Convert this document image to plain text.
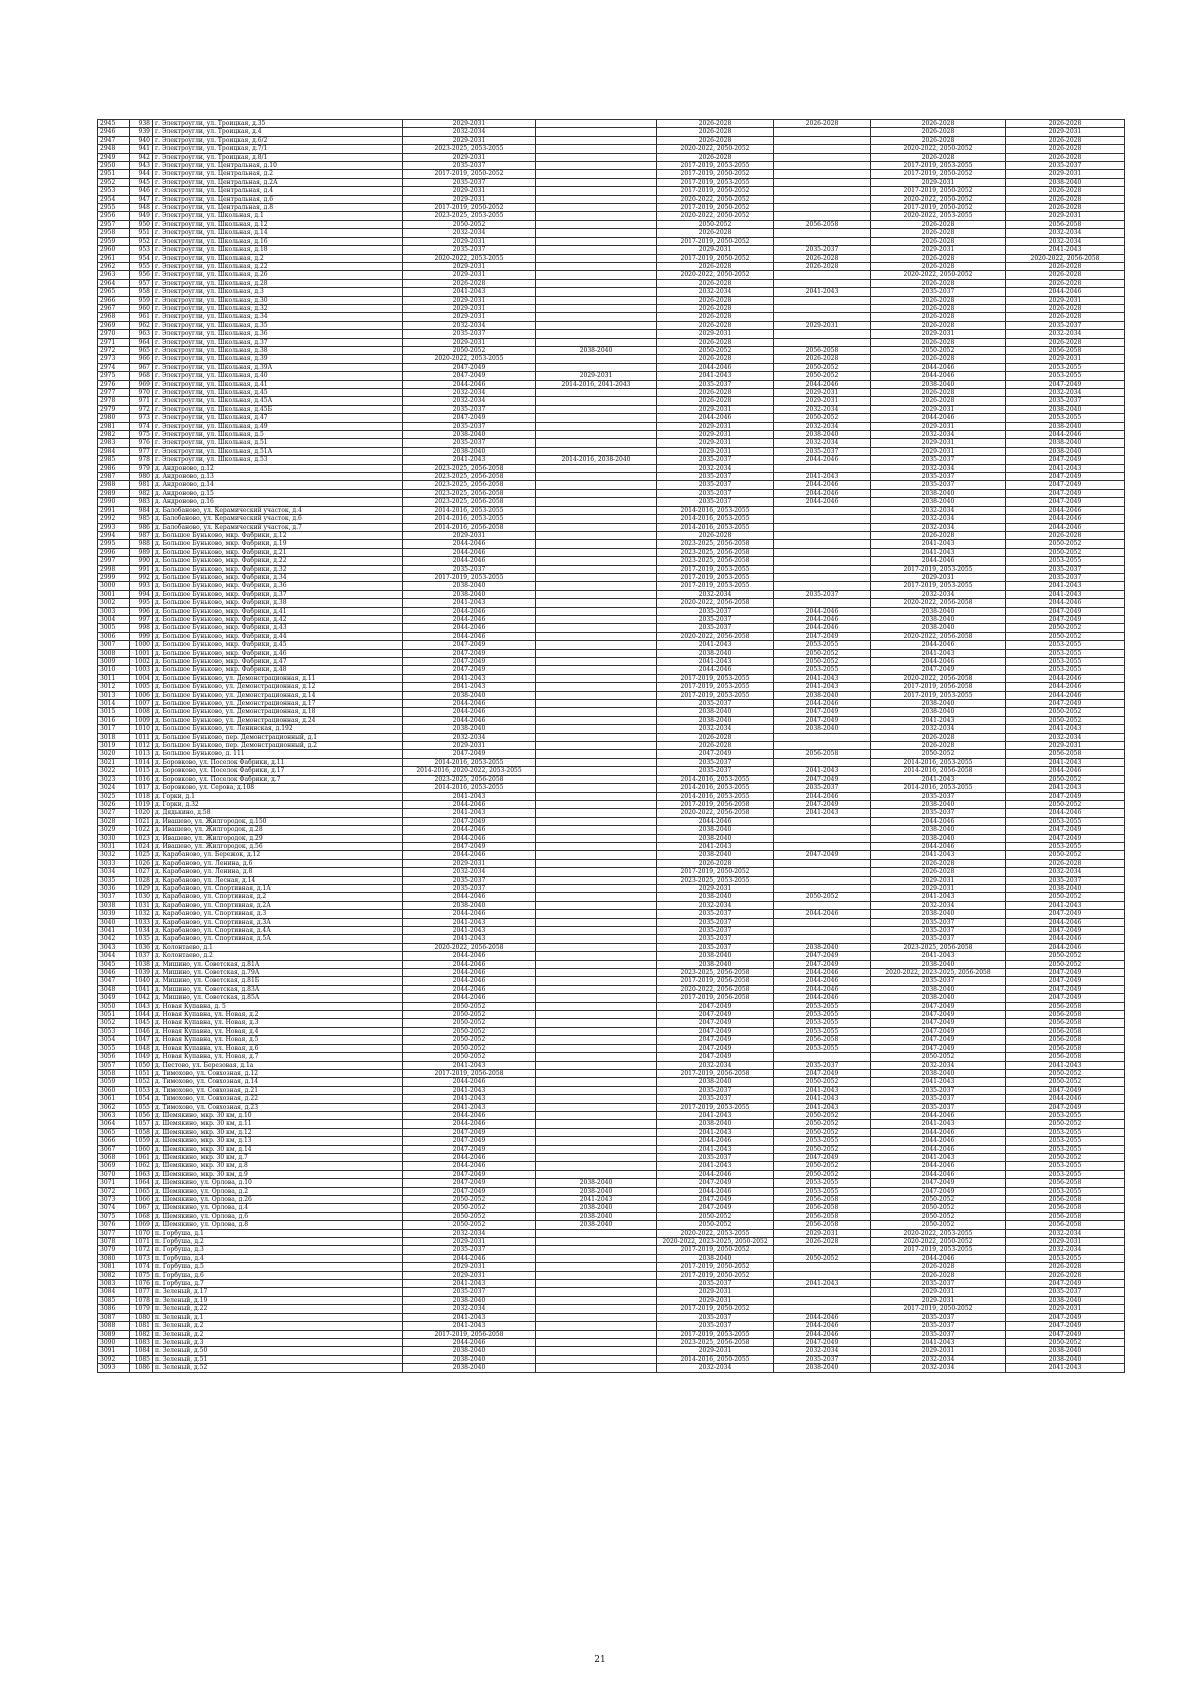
2945	938	г. Электроугли, ул. Троицкая, д.35	2029-2031		2026-2028	2026-2028	2026-2028	2026-2028
2946	939	г. Электроугли, ул. Троицкая, д.4	2032-2034		2026-2028		2026-2028	2029-2031
2947	940	г. Электроугли, ул. Троицкая, д.6/2	2029-2031		2026-2028		2026-2028	2026-2028
2948	941	г. Электроугли, ул. Троицкая, д.7/1	2023-2025, 2053-2055		2020-2022, 2050-2052		2020-2022, 2050-2052	2026-2028
2949	942	г. Электроугли, ул. Троицкая, д.8/1	2029-2031		2026-2028		2026-2028	2026-2028
2950	943	г. Электроугли, ул. Центральная, д.10	2035-2037		2017-2019, 2053-2055		2017-2019, 2053-2055	2035-2037
2951	944	г. Электроугли, ул. Центральная, д.2	2017-2019, 2050-2052		2017-2019, 2050-2052		2017-2019, 2050-2052	2029-2031
2952	945	г. Электроугли, ул. Центральная, д.2А	2035-2037		2017-2019, 2053-2055		2029-2031	2038-2040
2953	946	г. Электроугли, ул. Центральная, д.4	2029-2031		2017-2019, 2050-2052		2017-2019, 2050-2052	2026-2028
2954	947	г. Электроугли, ул. Центральная, д.6	2029-2031		2020-2022, 2050-2052		2020-2022, 2050-2052	2026-2028
2955	948	г. Электроугли, ул. Центральная, д.8	2017-2019, 2050-2052		2017-2019, 2050-2052		2017-2019, 2050-2052	2026-2028
2956	949	г. Электроугли, ул. Школьная, д.1	2023-2025, 2053-2055		2020-2022, 2050-2052		2020-2022, 2053-2055	2029-2031
2957	950	г. Электроугли, ул. Школьная, д.12	2050-2052		2050-2052	2056-2058	2026-2028	2056-2058
2958	951	г. Электроугли, ул. Школьная, д.14	2032-2034		2026-2028		2026-2028	2032-2034
2959	952	г. Электроугли, ул. Школьная, д.16	2029-2031		2017-2019, 2050-2052		2026-2028	2032-2034
2960	953	г. Электроугли, ул. Школьная, д.18	2035-2037		2029-2031	2035-2037	2029-2031	2041-2043
2961	954	г. Электроугли, ул. Школьная, д.2	2020-2022, 2053-2055		2017-2019, 2050-2052	2026-2028	2026-2028	2020-2022, 2056-2058
2962	955	г. Электроугли, ул. Школьная, д.22	2029-2031		2026-2028	2026-2028	2026-2028	2026-2028
2963	956	г. Электроугли, ул. Школьная, д.26	2029-2031		2020-2022, 2050-2052		2020-2022, 2050-2052	2026-2028
2964	957	г. Электроугли, ул. Школьная, д.28	2026-2028		2026-2028		2026-2028	2026-2028
2965	958	г. Электроугли, ул. Школьная, д.3	2041-2043		2032-2034	2041-2043	2035-2037	2044-2046
2966	959	г. Электроугли, ул. Школьная, д.30	2029-2031		2026-2028		2026-2028	2029-2031
2967	960	г. Электроугли, ул. Школьная, д.32	2029-2031		2026-2028		2026-2028	2026-2028
2968	961	г. Электроугли, ул. Школьная, д.34	2029-2031		2026-2028		2026-2028	2026-2028
2969	962	г. Электроугли, ул. Школьная, д.35	2032-2034		2026-2028	2029-2031	2026-2028	2035-2037
2970	963	г. Электроугли, ул. Школьная, д.36	2035-2037		2029-2031		2029-2031	2032-2034
2971	964	г. Электроугли, ул. Школьная, д.37	2029-2031		2026-2028		2026-2028	2026-2028
2972	965	г. Электроугли, ул. Школьная, д.38	2050-2052	2038-2040	2050-2052	2056-2058	2050-2052	2056-2058
2973	966	г. Электроугли, ул. Школьная, д.39	2020-2022, 2053-2055		2026-2028	2026-2028	2026-2028	2029-2031
2974	967	г. Электроугли, ул. Школьная, д.39А	2047-2049		2044-2046	2050-2052	2044-2046	2053-2055
2975	968	г. Электроугли, ул. Школьная, д.40	2047-2049	2029-2031	2041-2043	2050-2052	2044-2046	2053-2055
2976	969	г. Электроугли, ул. Школьная, д.41	2044-2046	2014-2016, 2041-2043	2035-2037	2044-2046	2038-2040	2047-2049
2977	970	г. Электроугли, ул. Школьная, д.45	2032-2034		2026-2028	2029-2031	2026-2028	2032-2034
2978	971	г. Электроугли, ул. Школьная, д.45А	2032-2034		2026-2028	2029-2031	2026-2028	2035-2037
2979	972	г. Электроугли, ул. Школьная, д.45Б	2035-2037		2029-2031	2032-2034	2029-2031	2038-2040
2980	973	г. Электроугли, ул. Школьная, д.47	2047-2049		2044-2046	2050-2052	2044-2046	2053-2055
2981	974	г. Электроугли, ул. Школьная, д.49	2035-2037		2029-2031	2032-2034	2029-2031	2038-2040
2982	975	г. Электроугли, ул. Школьная, д.5	2038-2040		2029-2031	2038-2040	2032-2034	2044-2046
2983	976	г. Электроугли, ул. Школьная, д.51	2035-2037		2029-2031	2032-2034	2029-2031	2038-2040
2984	977	г. Электроугли, ул. Школьная, д.51А	2038-2040		2029-2031	2035-2037	2029-2031	2038-2040
2985	978	г. Электроугли, ул. Школьная, д.53	2041-2043	2014-2016, 2038-2040	2035-2037	2044-2046	2035-2037	2047-2049
2986	979	д. Андроново, д.12	2023-2025, 2056-2058		2032-2034		2032-2034	2041-2043
2987	980	д. Андроново, д.13	2023-2025, 2056-2058		2035-2037	2041-2043	2035-2037	2047-2049
2988	981	д. Андроново, д.14	2023-2025, 2056-2058		2035-2037	2044-2046	2035-2037	2047-2049
2989	982	д. Андроново, д.15	2023-2025, 2056-2058		2035-2037	2044-2046	2038-2040	2047-2049
2990	983	д. Андроново, д.16	2023-2025, 2056-2058		2035-2037	2044-2046	2038-2040	2047-2049
2991	984	д. Балобаново, ул. Керамический участок, д.4	2014-2016, 2053-2055		2014-2016, 2053-2055		2032-2034	2044-2046
2992	985	д. Балобаново, ул. Керамический участок, д.6	2014-2016, 2053-2055		2014-2016, 2053-2055		2032-2034	2044-2046
2993	986	д. Балобаново, ул. Керамический участок, д.7	2014-2016, 2056-2058		2014-2016, 2053-2055		2032-2034	2044-2046
2994	987	д. Большое Буньково, мкр. Фабрики, д.12	2029-2031		2026-2028		2026-2028	2026-2028
2995	988	д. Большое Буньково, мкр. Фабрики, д.19	2044-2046		2023-2025, 2056-2058		2041-2043	2050-2052
2996	989	д. Большое Буньково, мкр. Фабрики, д.21	2044-2046		2023-2025, 2056-2058		2041-2043	2050-2052
2997	990	д. Большое Буньково, мкр. Фабрики, д.22	2044-2046		2023-2025, 2056-2058		2044-2046	2053-2055
2998	991	д. Большое Буньково, мкр. Фабрики, д.32	2035-2037		2017-2019, 2053-2055		2017-2019, 2053-2055	2035-2037
2999	992	д. Большое Буньково, мкр. Фабрики, д.34	2017-2019, 2053-2055		2017-2019, 2053-2055		2029-2031	2035-2037
3000	993	д. Большое Буньково, мкр. Фабрики, д.36	2038-2040		2017-2019, 2053-2055		2017-2019, 2053-2055	2041-2043
3001	994	д. Большое Буньково, мкр. Фабрики, д.37	2038-2040		2032-2034	2035-2037	2032-2034	2041-2043
3002	995	д. Большое Буньково, мкр. Фабрики, д.38	2041-2043		2020-2022, 2056-2058		2020-2022, 2056-2058	2044-2046
3003	996	д. Большое Буньково, мкр. Фабрики, д.41	2044-2046		2035-2037	2044-2046	2038-2040	2047-2049
3004	997	д. Большое Буньково, мкр. Фабрики, д.42	2044-2046		2035-2037	2044-2046	2038-2040	2047-2049
3005	998	д. Большое Буньково, мкр. Фабрики, д.43	2044-2046		2035-2037	2044-2046	2038-2040	2050-2052
3006	999	д. Большое Буньково, мкр. Фабрики, д.44	2044-2046		2020-2022, 2056-2058	2047-2049	2020-2022, 2056-2058	2050-2052
3007	1000	д. Большое Буньково, мкр. Фабрики, д.45	2047-2049		2041-2043	2053-2055	2044-2046	2053-2055
3008	1001	д. Большое Буньково, мкр. Фабрики, д.46	2047-2049		2038-2040	2050-2052	2041-2043	2053-2055
3009	1002	д. Большое Буньково, мкр. Фабрики, д.47	2047-2049		2041-2043	2050-2052	2044-2046	2053-2055
3010	1003	д. Большое Буньково, мкр. Фабрики, д.48	2047-2049		2044-2046	2053-2055	2047-2049	2053-2055
3011	1004	д. Большое Буньково, ул. Демонстрационная, д.11	2041-2043		2017-2019, 2053-2055	2041-2043	2020-2022, 2056-2058	2044-2046
3012	1005	д. Большое Буньково, ул. Демонстрационная, д.12	2041-2043		2017-2019, 2053-2055	2041-2043	2017-2019, 2056-2058	2044-2046
3013	1006	д. Большое Буньково, ул. Демонстрационная, д.14	2038-2040		2017-2019, 2053-2055	2038-2040	2017-2019, 2053-2055	2044-2046
3014	1007	д. Большое Буньково, ул. Демонстрационная, д.17	2044-2046		2035-2037	2044-2046	2038-2040	2047-2049
3015	1008	д. Большое Буньково, ул. Демонстрационная, д.18	2044-2046		2038-2040	2047-2049	2038-2040	2050-2052
3016	1009	д. Большое Буньково, ул. Демонстрационная, д.24	2044-2046		2038-2040	2047-2049	2041-2043	2050-2052
3017	1010	д. Большое Буньково, ул. Ленинская, д.192	2038-2040		2032-2034	2038-2040	2032-2034	2041-2043
3018	1011	д. Большое Буньково, пер. Демонстрационный, д.1	2032-2034		2026-2028		2026-2028	2032-2034
3019	1012	д. Большое Буньково, пер. Демонстрационный, д.2	2029-2031		2026-2028		2026-2028	2029-2031
3020	1013	д. Большое Буньково, д. 111	2047-2049		2047-2049	2056-2058	2050-2052	2056-2058
3021	1014	д. Боровково, ул. Поселок Фабрики, д.11	2014-2016, 2053-2055		2035-2037		2014-2016, 2053-2055	2041-2043
3022	1015	д. Боровково, ул. Поселок Фабрики, д.17	2014-2016, 2020-2022, 2053-2055		2035-2037	2041-2043	2014-2016, 2056-2058	2044-2046
3023	1016	д. Боровково, ул. Поселок Фабрики, д.7	2023-2025, 2056-2058		2014-2016, 2053-2055	2047-2049	2041-2043	2050-2052
3024	1017	д. Боровково, ул. Серова, д.108	2014-2016, 2053-2055		2014-2016, 2053-2055	2035-2037	2014-2016, 2053-2055	2041-2043
3025	1018	д. Горки, д.1	2041-2043		2014-2016, 2053-2055	2044-2046	2035-2037	2047-2049
3026	1019	д. Горки, д.32	2044-2046		2017-2019, 2056-2058	2047-2049	2038-2040	2050-2052
3027	1020	д. Дядькино, д.58	2041-2043		2020-2022, 2056-2058	2041-2043	2035-2037	2044-2046
3028	1021	д. Ивашево, ул. Жилгородок, д.150	2047-2049		2044-2046		2044-2046	2053-2055
3029	1022	д. Ивашево, ул. Жилгородок, д.28	2044-2046		2038-2040		2038-2040	2047-2049
3030	1023	д. Ивашево, ул. Жилгородок, д.29	2044-2046		2038-2040		2038-2040	2047-2049
3031	1024	д. Ивашево, ул. Жилгородок, д.56	2047-2049		2041-2043		2044-2046	2053-2055
3032	1025	д. Карабаново, ул. Бережок, д.12	2044-2046		2038-2040	2047-2049	2041-2043	2050-2052
3033	1026	д. Карабаново, ул. Ленина, д.6	2029-2031		2026-2028		2026-2028	2026-2028
3034	1027	д. Карабаново, ул. Ленина, д.8	2032-2034		2017-2019, 2050-2052		2026-2028	2032-2034
3035	1028	д. Карабаново, ул. Лесная, д.14	2035-2037		2023-2025, 2053-2055		2029-2031	2035-2037
3036	1029	д. Карабаново, ул. Спортивная, д.1А	2035-2037		2029-2031		2029-2031	2038-2040
3037	1030	д. Карабаново, ул. Спортивная, д.2	2044-2046		2038-2040	2050-2052	2041-2043	2050-2052
3038	1031	д. Карабаново, ул. Спортивная, д.2А	2038-2040		2032-2034		2032-2034	2041-2043
3039	1032	д. Карабаново, ул. Спортивная, д.3	2044-2046		2035-2037	2044-2046	2038-2040	2047-2049
3040	1033	д. Карабаново, ул. Спортивная, д.3А	2041-2043		2035-2037		2035-2037	2044-2046
3041	1034	д. Карабаново, ул. Спортивная, д.4А	2041-2043		2035-2037		2035-2037	2047-2049
3042	1035	д. Карабаново, ул. Спортивная, д.5А	2041-2043		2035-2037		2035-2037	2044-2046
3043	1036	д. Колонтаево, д.1	2020-2022, 2056-2058		2035-2037	2038-2040	2023-2025, 2056-2058	2044-2046
3044	1037	д. Колонтаево, д.2	2044-2046		2038-2040	2047-2049	2041-2043	2050-2052
3045	1038	д. Мишино, ул. Советская, д.81А	2044-2046		2038-2040	2047-2049	2038-2040	2050-2052
3046	1039	д. Мишино, ул. Советская, д.79А	2044-2046		2023-2025, 2056-2058	2044-2046	2020-2022, 2023-2025, 2056-2058	2047-2049
3047	1040	д. Мишино, ул. Советская, д.81Б	2044-2046		2017-2019, 2056-2058	2044-2046	2035-2037	2047-2049
3048	1041	д. Мишино, ул. Советская, д.83А	2044-2046		2020-2022, 2056-2058	2044-2046	2038-2040	2047-2049
3049	1042	д. Мишино, ул. Советская, д.85А	2044-2046		2017-2019, 2056-2058	2044-2046	2038-2040	2047-2049
3050	1043	д. Новая Купавна, д. 5	2050-2052		2047-2049	2053-2055	2047-2049	2056-2058
3051	1044	д. Новая Купавна, ул. Новая, д.2	2050-2052		2047-2049	2053-2055	2047-2049	2056-2058
3052	1045	д. Новая Купавна, ул. Новая, д.3	2050-2052		2047-2049	2053-2055	2047-2049	2056-2058
3053	1046	д. Новая Купавна, ул. Новая, д.4	2050-2052		2047-2049	2053-2055	2047-2049	2056-2058
3054	1047	д. Новая Купавна, ул. Новая, д.5	2050-2052		2047-2049	2056-2058	2047-2049	2056-2058
3055	1048	д. Новая Купавна, ул. Новая, д.6	2050-2052		2047-2049	2053-2055	2047-2049	2056-2058
3056	1049	д. Новая Купавна, ул. Новая, д.7	2050-2052		2047-2049		2050-2052	2056-2058
3057	1050	д. Пестово, ул. Березовая, д.1а	2041-2043		2032-2034	2035-2037	2032-2034	2041-2043
3058	1051	д. Тимохово, ул. Совхозная, д.12	2017-2019, 2056-2058		2017-2019, 2056-2058	2047-2049	2038-2040	2050-2052
3059	1052	д. Тимохово, ул. Совхозная, д.14	2044-2046		2038-2040	2050-2052	2041-2043	2050-2052
3060	1053	д. Тимохово, ул. Совхозная, д.21	2041-2043		2035-2037	2041-2043	2035-2037	2047-2049
3061	1054	д. Тимохово, ул. Совхозная, д.22	2041-2043		2035-2037	2041-2043	2035-2037	2044-2046
3062	1055	д. Тимохово, ул. Совхозная, д.23	2041-2043		2017-2019, 2053-2055	2041-2043	2035-2037	2047-2049
3063	1056	д. Шемякино, мкр. 30 км, д.10	2044-2046		2041-2043	2050-2052	2044-2046	2053-2055
3064	1057	д. Шемякино, мкр. 30 км, д.11	2044-2046		2038-2040	2050-2052	2041-2043	2050-2052
3065	1058	д. Шемякино, мкр. 30 км, д.12	2047-2049		2041-2043	2050-2052	2044-2046	2053-2055
3066	1059	д. Шемякино, мкр. 30 км, д.13	2047-2049		2044-2046	2053-2055	2044-2046	2053-2055
3067	1060	д. Шемякино, мкр. 30 км, д.14	2047-2049		2041-2043	2050-2052	2044-2046	2053-2055
3068	1061	д. Шемякино, мкр. 30 км, д.7	2044-2046		2035-2037	2047-2049	2041-2043	2050-2052
3069	1062	д. Шемякино, мкр. 30 км, д.8	2044-2046		2041-2043	2050-2052	2044-2046	2053-2055
3070	1063	д. Шемякино, мкр. 30 км, д.9	2047-2049		2044-2046	2050-2052	2044-2046	2053-2055
3071	1064	д. Шемякино, ул. Орлова, д.10	2047-2049	2038-2040	2047-2049	2053-2055	2047-2049	2056-2058
3072	1065	д. Шемякино, ул. Орлова, д.2	2047-2049	2038-2040	2044-2046	2053-2055	2047-2049	2053-2055
3073	1066	д. Шемякино, ул. Орлова, д.26	2050-2052	2041-2043	2047-2049	2056-2058	2050-2052	2056-2058
3074	1067	д. Шемякино, ул. Орлова, д.4	2050-2052	2038-2040	2047-2049	2056-2058	2050-2052	2056-2058
3075	1068	д. Шемякино, ул. Орлова, д.6	2050-2052	2038-2040	2050-2052	2056-2058	2050-2052	2056-2058
3076	1069	д. Шемякино, ул. Орлова, д.8	2050-2052	2038-2040	2050-2052	2056-2058	2050-2052	2056-2058
3077	1070	п. Горбуша, д.1	2032-2034		2020-2022, 2053-2055	2029-2031	2020-2022, 2053-2055	2032-2034
3078	1071	п. Горбуша, д.2	2029-2031		2020-2022, 2023-2025, 2050-2052	2026-2028	2020-2022, 2050-2052	2029-2031
3079	1072	п. Горбуша, д.3	2035-2037		2017-2019, 2050-2052		2017-2019, 2053-2055	2032-2034
3080	1073	п. Горбуша, д.4	2044-2046		2038-2040	2050-2052	2044-2046	2053-2055
3081	1074	п. Горбуша, д.5	2029-2031		2017-2019, 2050-2052		2026-2028	2026-2028
3082	1075	п. Горбуша, д.6	2029-2031		2017-2019, 2050-2052		2026-2028	2026-2028
3083	1076	п. Горбуша, д.7	2041-2043		2035-2037	2041-2043	2035-2037	2047-2049
3084	1077	п. Зеленый, д.17	2035-2037		2029-2031		2029-2031	2035-2037
3085	1078	п. Зеленый, д.19	2038-2040		2029-2031		2029-2031	2038-2040
3086	1079	п. Зеленый, д.22	2032-2034		2017-2019, 2050-2052		2017-2019, 2050-2052	2029-2031
3087	1080	п. Зеленый, д.1	2041-2043		2035-2037	2044-2046	2035-2037	2047-2049
3088	1081	п. Зеленый, д.2	2041-2043		2035-2037	2044-2046	2035-2037	2047-2049
3089	1082	п. Зеленый, д.2	2017-2019, 2056-2058		2017-2019, 2053-2055	2044-2046	2035-2037	2047-2049
3090	1083	п. Зеленый, д.3	2044-2046		2023-2025, 2056-2058	2047-2049	2041-2043	2050-2052
3091	1084	п. Зеленый, д.50	2038-2040		2029-2031	2032-2034	2029-2031	2038-2040
3092	1085	п. Зеленый, д.51	2038-2040		2014-2016, 2050-2055	2035-2037	2032-2034	2038-2040
3093	1086	п. Зеленый, д.52	2038-2040		2032-2034	2038-2040	2032-2034	2041-2043
21
